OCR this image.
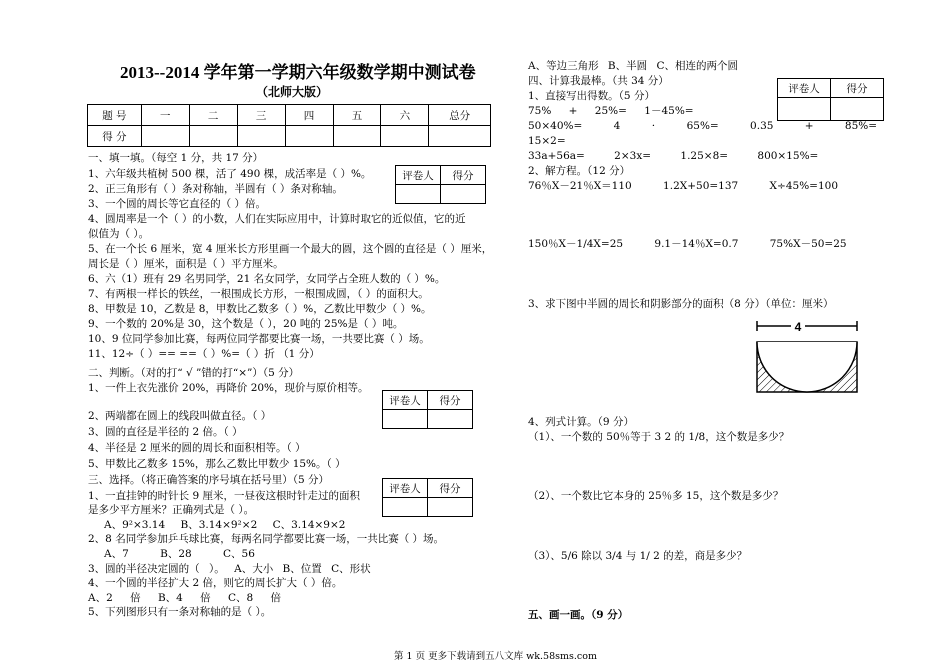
2013--2014 学年第一学期六年级数学期中测试卷
（北师大版）
题 号	一	二	三	四	五	六	总分
得 分							
一、填一填。（每空 1 分，共 17 分）
1、六年级共植树 500 棵，活了 490 棵，成活率是（ ）%。
2、正三角形有（ ）条对称轴，半圆有（ ）条对称轴。
3、一个圆的周长等它直径的（ ）倍。
4、圆周率是一个（ ）的小数，人们在实际应用中，计算时取它的近似值，它的近
似值为（ ）。
5、在一个长 6 厘米，宽 4 厘米长方形里画一个最大的圆，这个圆的直径是（ ）厘米，
周长是（ ）厘米，面积是（ ）平方厘米。
6、六（1）班有 29 名男同学，21 名女同学，女同学占全班人数的（ ）%。
7、有两根一样长的铁丝，一根围成长方形，一根围成圆，（ ）的面积大。
8、甲数是 10，乙数是 8，甲数比乙数多（ ）%，乙数比甲数少（ ）%。
9、一个数的 20%是 30，这个数是（ ），20 吨的 25%是（ ）吨。
10、9 位同学参加比赛，每两位同学都要比赛一场，一共要比赛（ ）场。
11、12÷（ ）== ==（ ）%=（ ）折 （1 分）
评卷人	得分

二、判断。（对的打“ √ ”错的打“×”）（5 分）
1、一件上衣先涨价 20%，再降价 20%，现价与原价相等。
2、两端都在圆上的线段叫做直径。（ ）
3、圆的直径是半径的 2 倍。（ ）
4、半径是 2 厘米的圆的周长和面积相等。（ ）
5、甲数比乙数多 15%，那么乙数比甲数少 15%。（ ）
评卷人	得分

三、选择。（将正确答案的序号填在括号里）（5 分）
1、一直挂钟的时针长 9 厘米，一昼夜这根时针走过的面积
是多少平方厘米？正确列式是（ ）。
A、9²×3.14 B、3.14×9²×2 C、3.14×9×2
2、8 名同学参加乒乓球比赛，每两名同学都要比赛一场，一共比赛（ ）场。
A、7 B、28 C、56
3、圆的半径决定圆的（ ）。 A、大小 B、位置 C、形状
4、一个圆的半径扩大 2 倍，则它的周长扩大（ ）倍。
A、2 倍 B、4 倍 C、8 倍
5、下列图形只有一条对称轴的是（ ）。
评卷人	得分

A、等边三角形 B、半圆 C、相连的两个圆
四、计算我最棒。（共 34 分）
1、直接写出得数。（5 分）
75% + 25%= 1－45%=
50×40%= 4 ⋅ 65%= 0.35 + 85%=
15×2=
33a+56a= 2×3x= 1.25×8= 800×15%=
2、解方程。（12 分）
76％X－21％X＝110 1.2X+50=137 X÷45%=100
150％X－1/4X=25 9.1－14％X=0.7 75%X－50=25
3、求下图中半圆的周长和阴影部分的面积（8 分）（单位：厘米）
评卷人	得分

4
4、列式计算。（9 分）
（1）、一个数的 50％等于 3 2 的 1/8，这个数是多少？
（2）、一个数比它本身的 25％多 15，这个数是多少？
（3）、5/6 除以 3/4 与 1/ 2 的差，商是多少？
五、画一画。（9 分）
第 1 页 更多下载请到五八文库 wk.58sms.com
